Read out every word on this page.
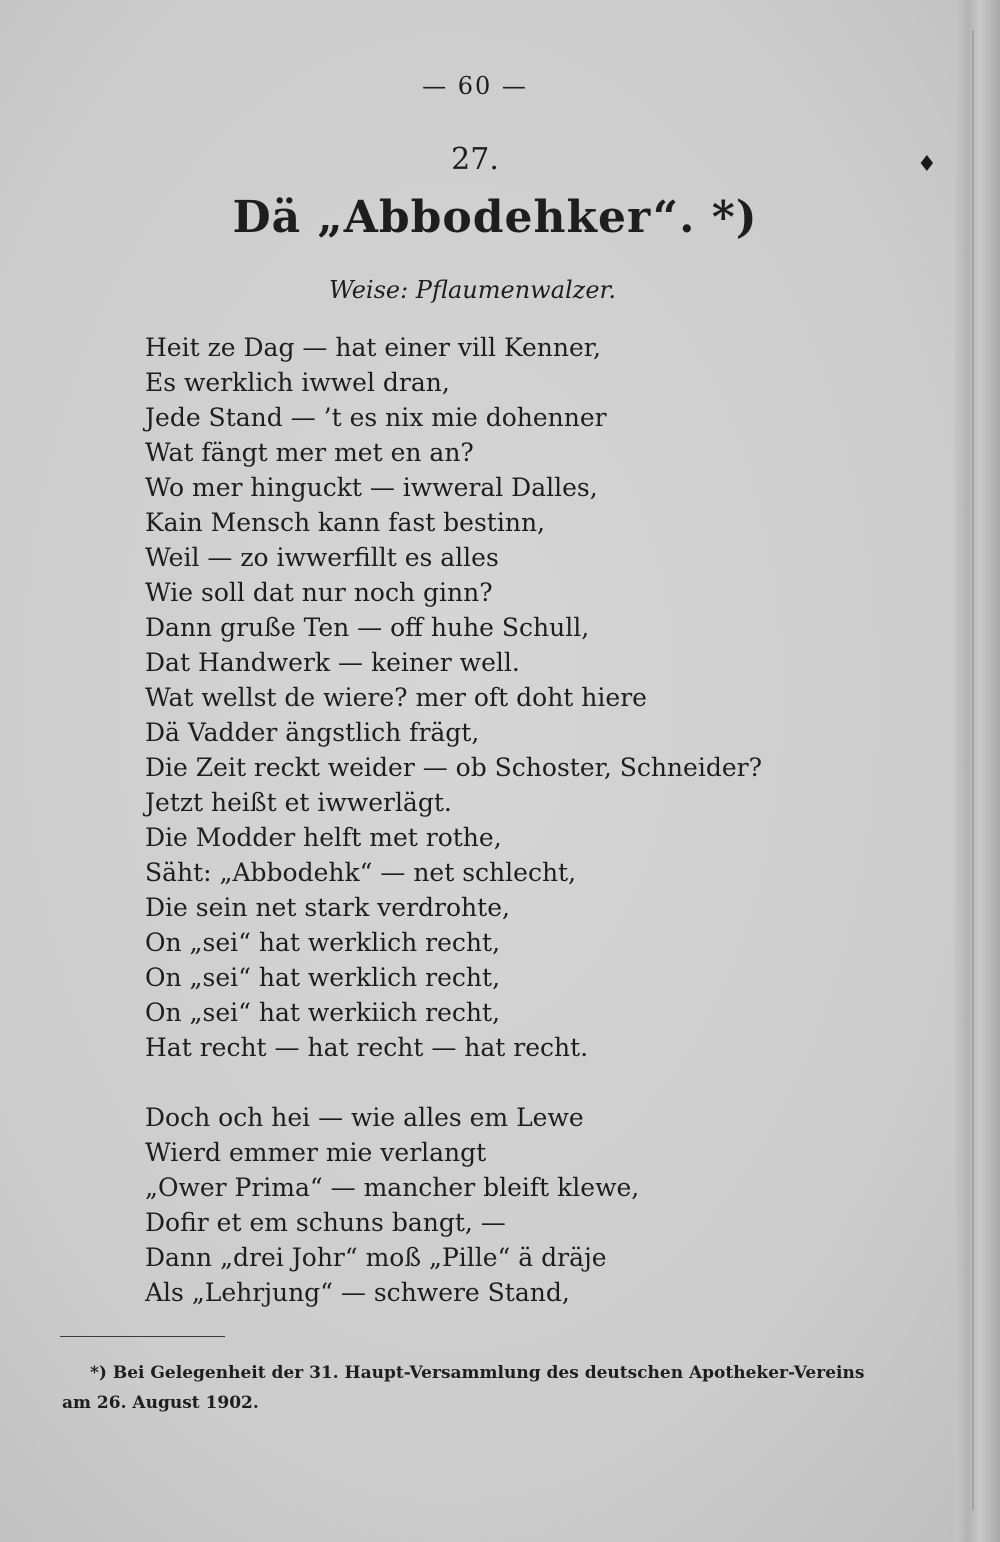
♦
— 60 —
27.
Dä „Abbodehker“. *)
Weise: Pflaumenwalzer.
Heit ze Dag — hat einer vill Kenner,
Es werklich iwwel dran,
Jede Stand — ’t es nix mie dohenner
Wat fängt mer met en an?
Wo mer hinguckt — iwweral Dalles,
Kain Mensch kann fast bestinn,
Weil — zo iwwerfillt es alles
Wie soll dat nur noch ginn?
Dann gruße Ten — off huhe Schull,
Dat Handwerk — keiner well.
Wat wellst de wiere? mer oft doht hiere
Dä Vadder ängstlich frägt,
Die Zeit reckt weider — ob Schoster, Schneider?
Jetzt heißt et iwwerlägt.
Die Modder helft met rothe,
Säht: „Abbodehk“ — net schlecht,
Die sein net stark verdrohte,
On „sei“ hat werklich recht,
On „sei“ hat werklich recht,
On „sei“ hat werkiich recht,
Hat recht — hat recht — hat recht.
Doch och hei — wie alles em Lewe
Wierd emmer mie verlangt
„Ower Prima“ — mancher bleift klewe,
Dofir et em schuns bangt, —
Dann „drei Johr“ moß „Pille“ ä dräje
Als „Lehrjung“ — schwere Stand,
*) Bei Gelegenheit der 31. Haupt-Versammlung des deutschen Apotheker-Vereins
am 26. August 1902.
